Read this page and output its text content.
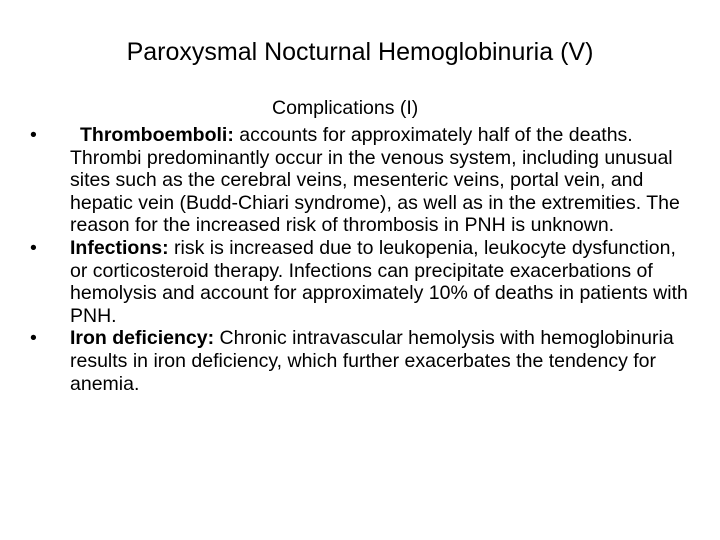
Paroxysmal Nocturnal Hemoglobinuria (V)

Complications (I)

•	Thromboemboli: accounts for approximately half of the deaths. Thrombi predominantly occur in the venous system, including unusual sites such as the cerebral veins, mesenteric veins, portal vein, and hepatic vein (Budd-Chiari syndrome), as well as in the extremities. The reason for the increased risk of thrombosis in PNH is unknown.
•	Infections: risk is increased due to leukopenia, leukocyte dysfunction, or corticosteroid therapy. Infections can precipitate exacerbations of hemolysis and account for approximately 10% of deaths in patients with PNH.
•	Iron deficiency: Chronic intravascular hemolysis with hemoglobinuria results in iron deficiency, which further exacerbates the tendency for anemia.
